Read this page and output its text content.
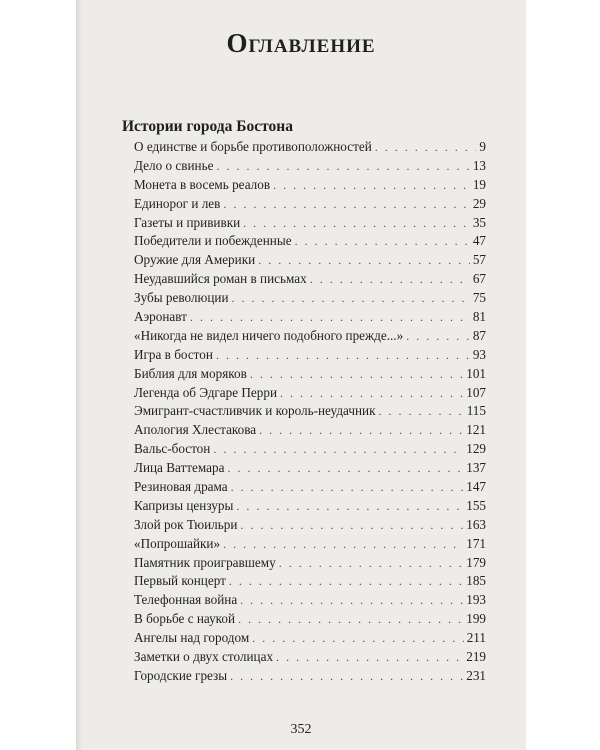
Оглавление
Истории города Бостона
О единстве и борьбе противоположностей . . .	9
Дело о свинье . . .	13
Монета в восемь реалов . . .	19
Единорог и лев . . .	29
Газеты и прививки . . .	35
Победители и побежденные . . .	47
Оружие для Америки . . .	57
Неудавшийся роман в письмах . . .	67
Зубы революции . . .	75
Аэронавт . . .	81
«Никогда не видел ничего подобного прежде...» . . .	87
Игра в бостон . . .	93
Библия для моряков . . .	101
Легенда об Эдгаре Перри . . .	107
Эмигрант-счастливчик и король-неудачник . . .	115
Апология Хлестакова . . .	121
Вальс-бостон . . .	129
Лица Ваттемара . . .	137
Резиновая драма . . .	147
Капризы цензуры . . .	155
Злой рок Тюильри . . .	163
«Попрошайки» . . .	171
Памятник проигравшему . . .	179
Первый концерт . . .	185
Телефонная война . . .	193
В борьбе с наукой . . .	199
Ангелы над городом . . .	211
Заметки о двух столицах . . .	219
Городские грезы . . .	231
352
